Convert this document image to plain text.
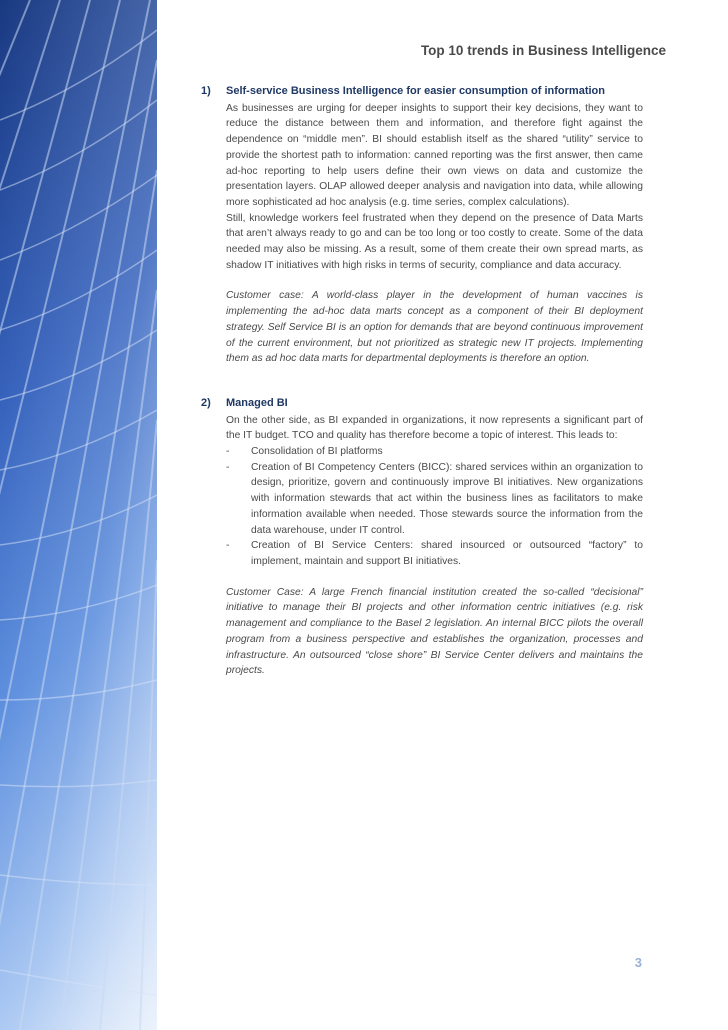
Top 10 trends in Business Intelligence
1) Self-service Business Intelligence for easier consumption of information

As businesses are urging for deeper insights to support their key decisions, they want to reduce the distance between them and information, and therefore fight against the dependence on “middle men”. BI should establish itself as the shared “utility” service to provide the shortest path to information: canned reporting was the first answer, then came ad-hoc reporting to help users define their own views on data and customize the presentation layers. OLAP allowed deeper analysis and navigation into data, while allowing more sophisticated ad hoc analysis (e.g. time series, complex calculations).

Still, knowledge workers feel frustrated when they depend on the presence of Data Marts that aren’t always ready to go and can be too long or too costly to create. Some of the data needed may also be missing. As a result, some of them create their own spread marts, as shadow IT initiatives with high risks in terms of security, compliance and data accuracy.

Customer case: A world-class player in the development of human vaccines is implementing the ad-hoc data marts concept as a component of their BI deployment strategy. Self Service BI is an option for demands that are beyond continuous improvement of the current environment, but not prioritized as strategic new IT projects. Implementing them as ad hoc data marts for departmental deployments is therefore an option.

2) Managed BI

On the other side, as BI expanded in organizations, it now represents a significant part of the IT budget. TCO and quality has therefore become a topic of interest. This leads to:

- Consolidation of BI platforms
- Creation of BI Competency Centers (BICC): shared services within an organization to design, prioritize, govern and continuously improve BI initiatives. New organizations with information stewards that act within the business lines as facilitators to make information available when needed. Those stewards source the information from the data warehouse, under IT control.
- Creation of BI Service Centers: shared insourced or outsourced “factory” to implement, maintain and support BI initiatives.

Customer Case: A large French financial institution created the so-called “decisional” initiative to manage their BI projects and other information centric initiatives (e.g. risk management and compliance to the Basel 2 legislation. An internal BICC pilots the overall program from a business perspective and establishes the organization, processes and infrastructure. An outsourced “close shore” BI Service Center delivers and maintains the projects.

3
